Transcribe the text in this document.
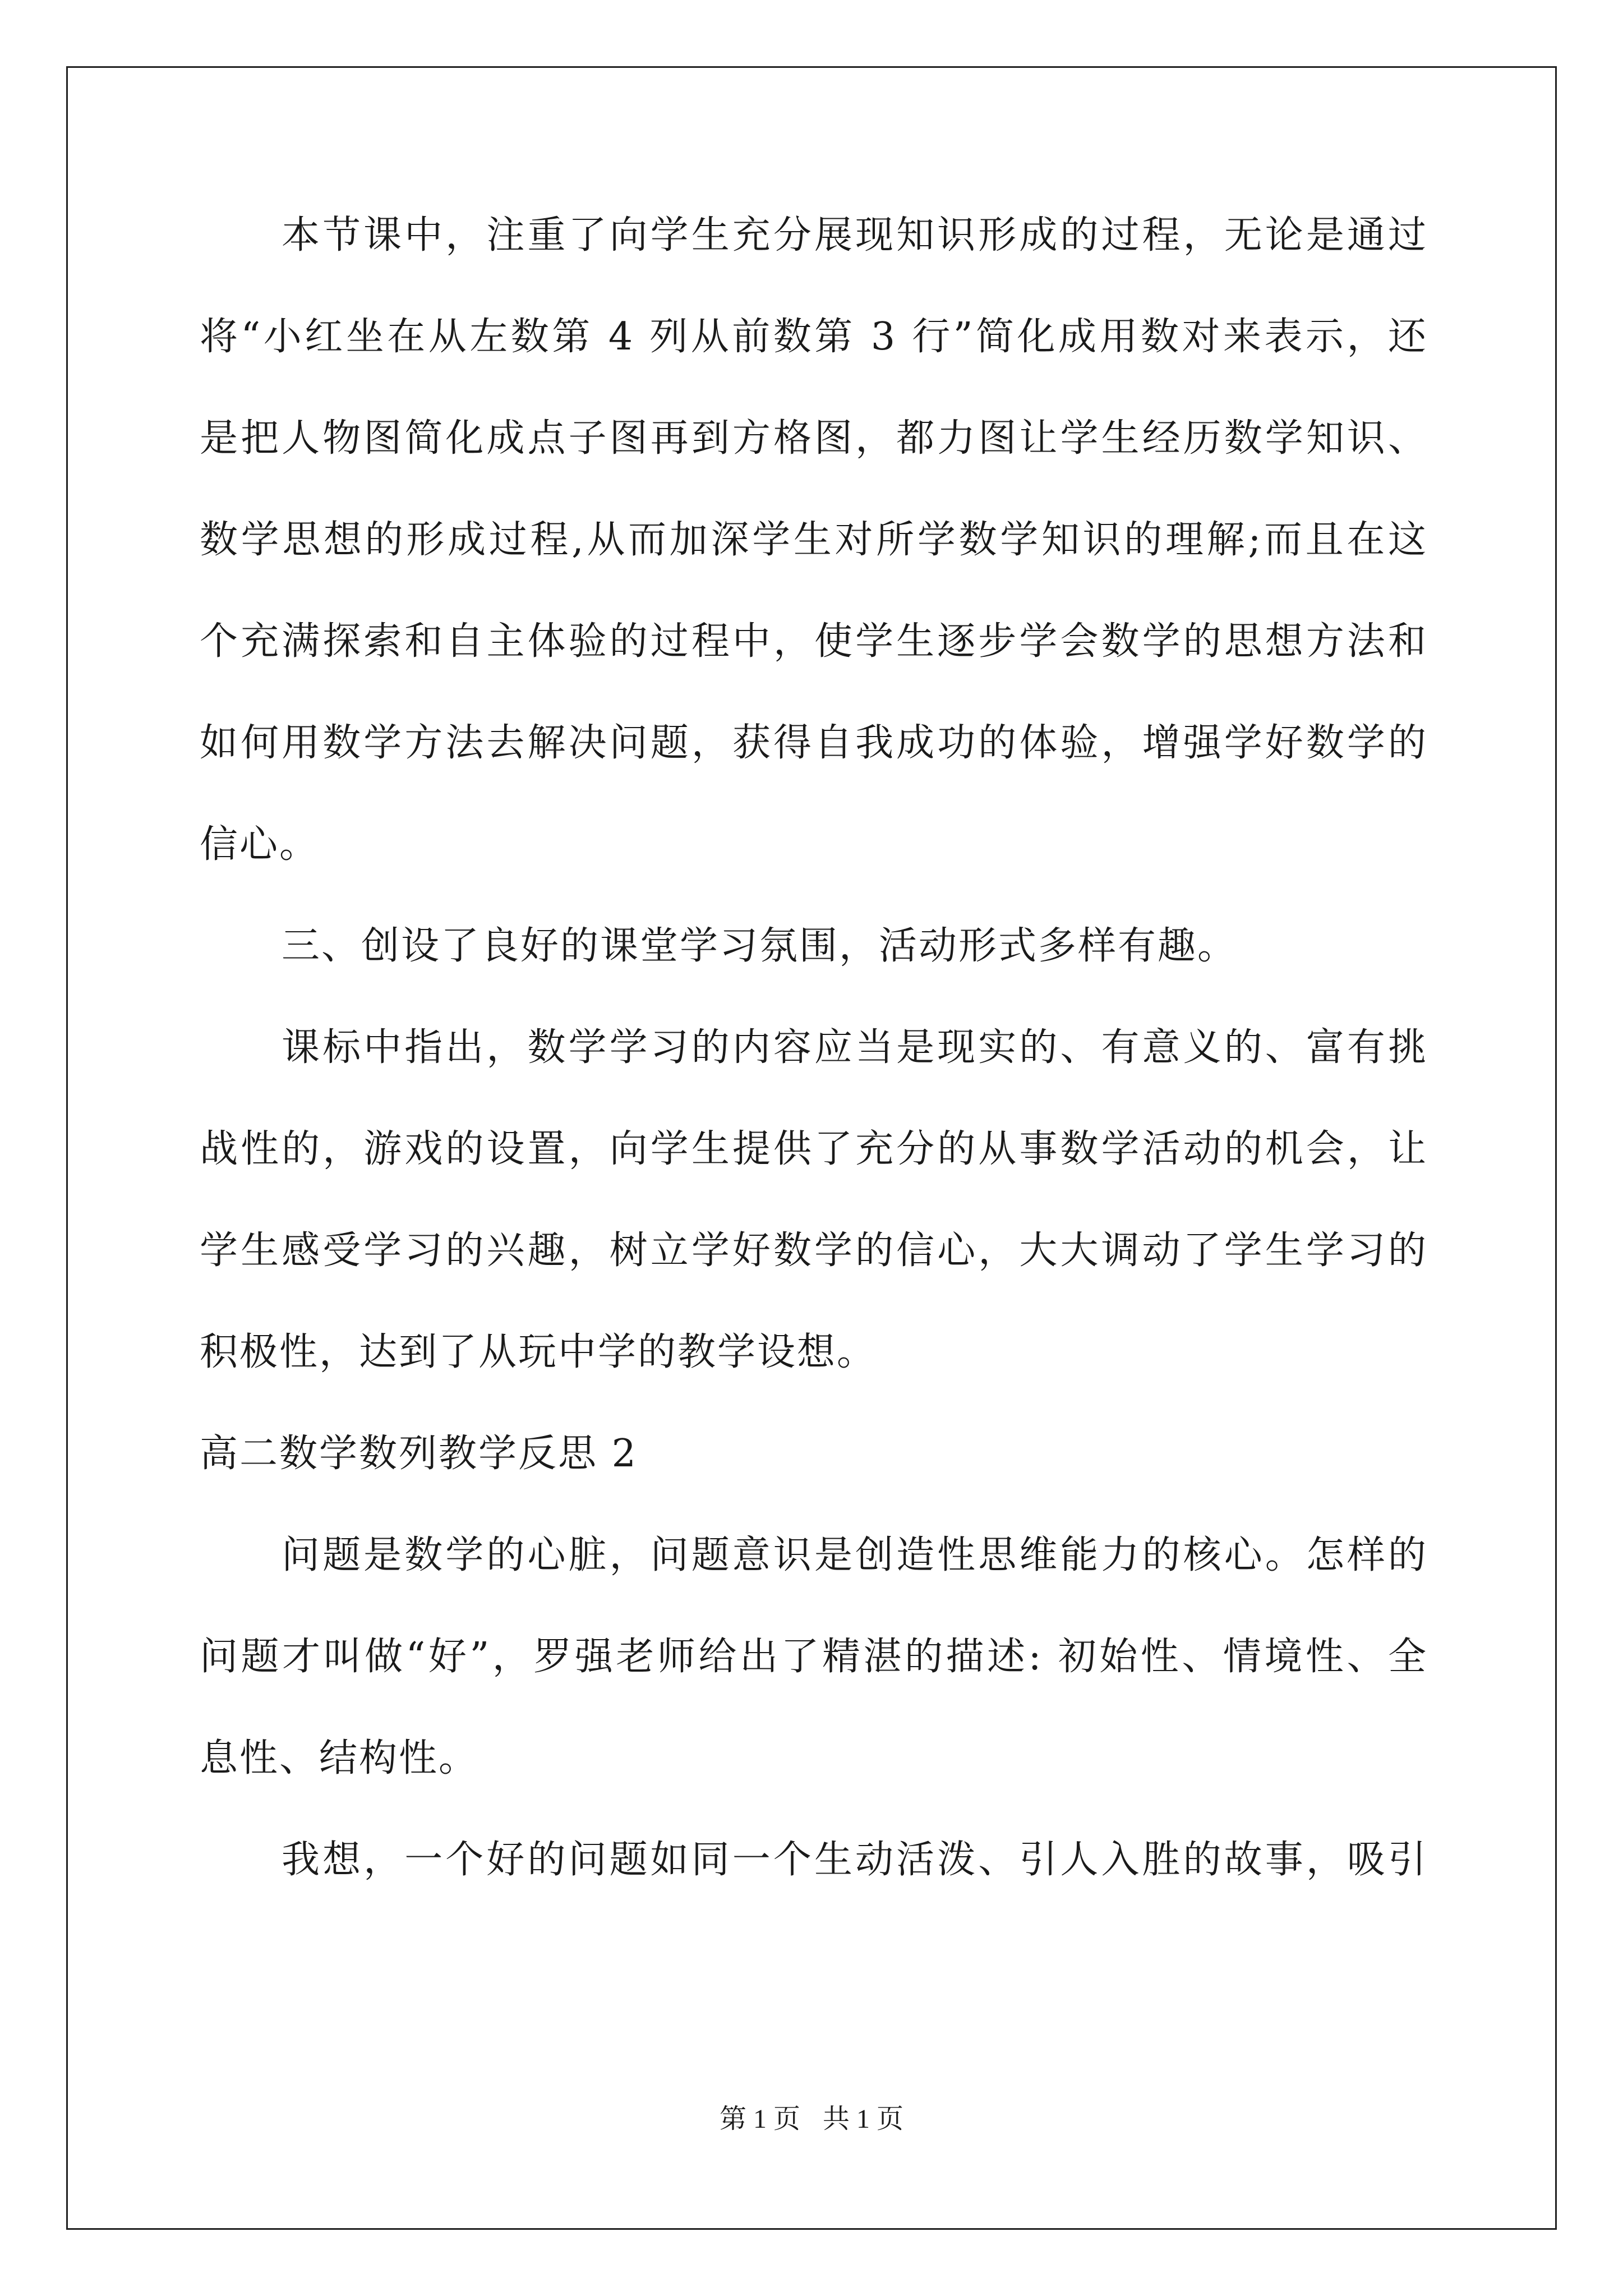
本节课中，注重了向学生充分展现知识形成的过程，无论是通过
将“小红坐在从左数第 4 列从前数第 3 行”简化成用数对来表示，还
是把人物图简化成点子图再到方格图，都力图让学生经历数学知识、
数学思想的形成过程,从而加深学生对所学数学知识的理解;而且在这
个充满探索和自主体验的过程中，使学生逐步学会数学的思想方法和
如何用数学方法去解决问题，获得自我成功的体验，增强学好数学的
信心。
三、创设了良好的课堂学习氛围，活动形式多样有趣。
课标中指出，数学学习的内容应当是现实的、有意义的、富有挑
战性的，游戏的设置，向学生提供了充分的从事数学活动的机会，让
学生感受学习的兴趣，树立学好数学的信心，大大调动了学生学习的
积极性，达到了从玩中学的教学设想。
高二数学数列教学反思 2
问题是数学的心脏，问题意识是创造性思维能力的核心。怎样的
问题才叫做“好”，罗强老师给出了精湛的描述: 初始性、情境性、全
息性、结构性。
我想，一个好的问题如同一个生动活泼、引人入胜的故事，吸引
第 1 页 共 1 页
